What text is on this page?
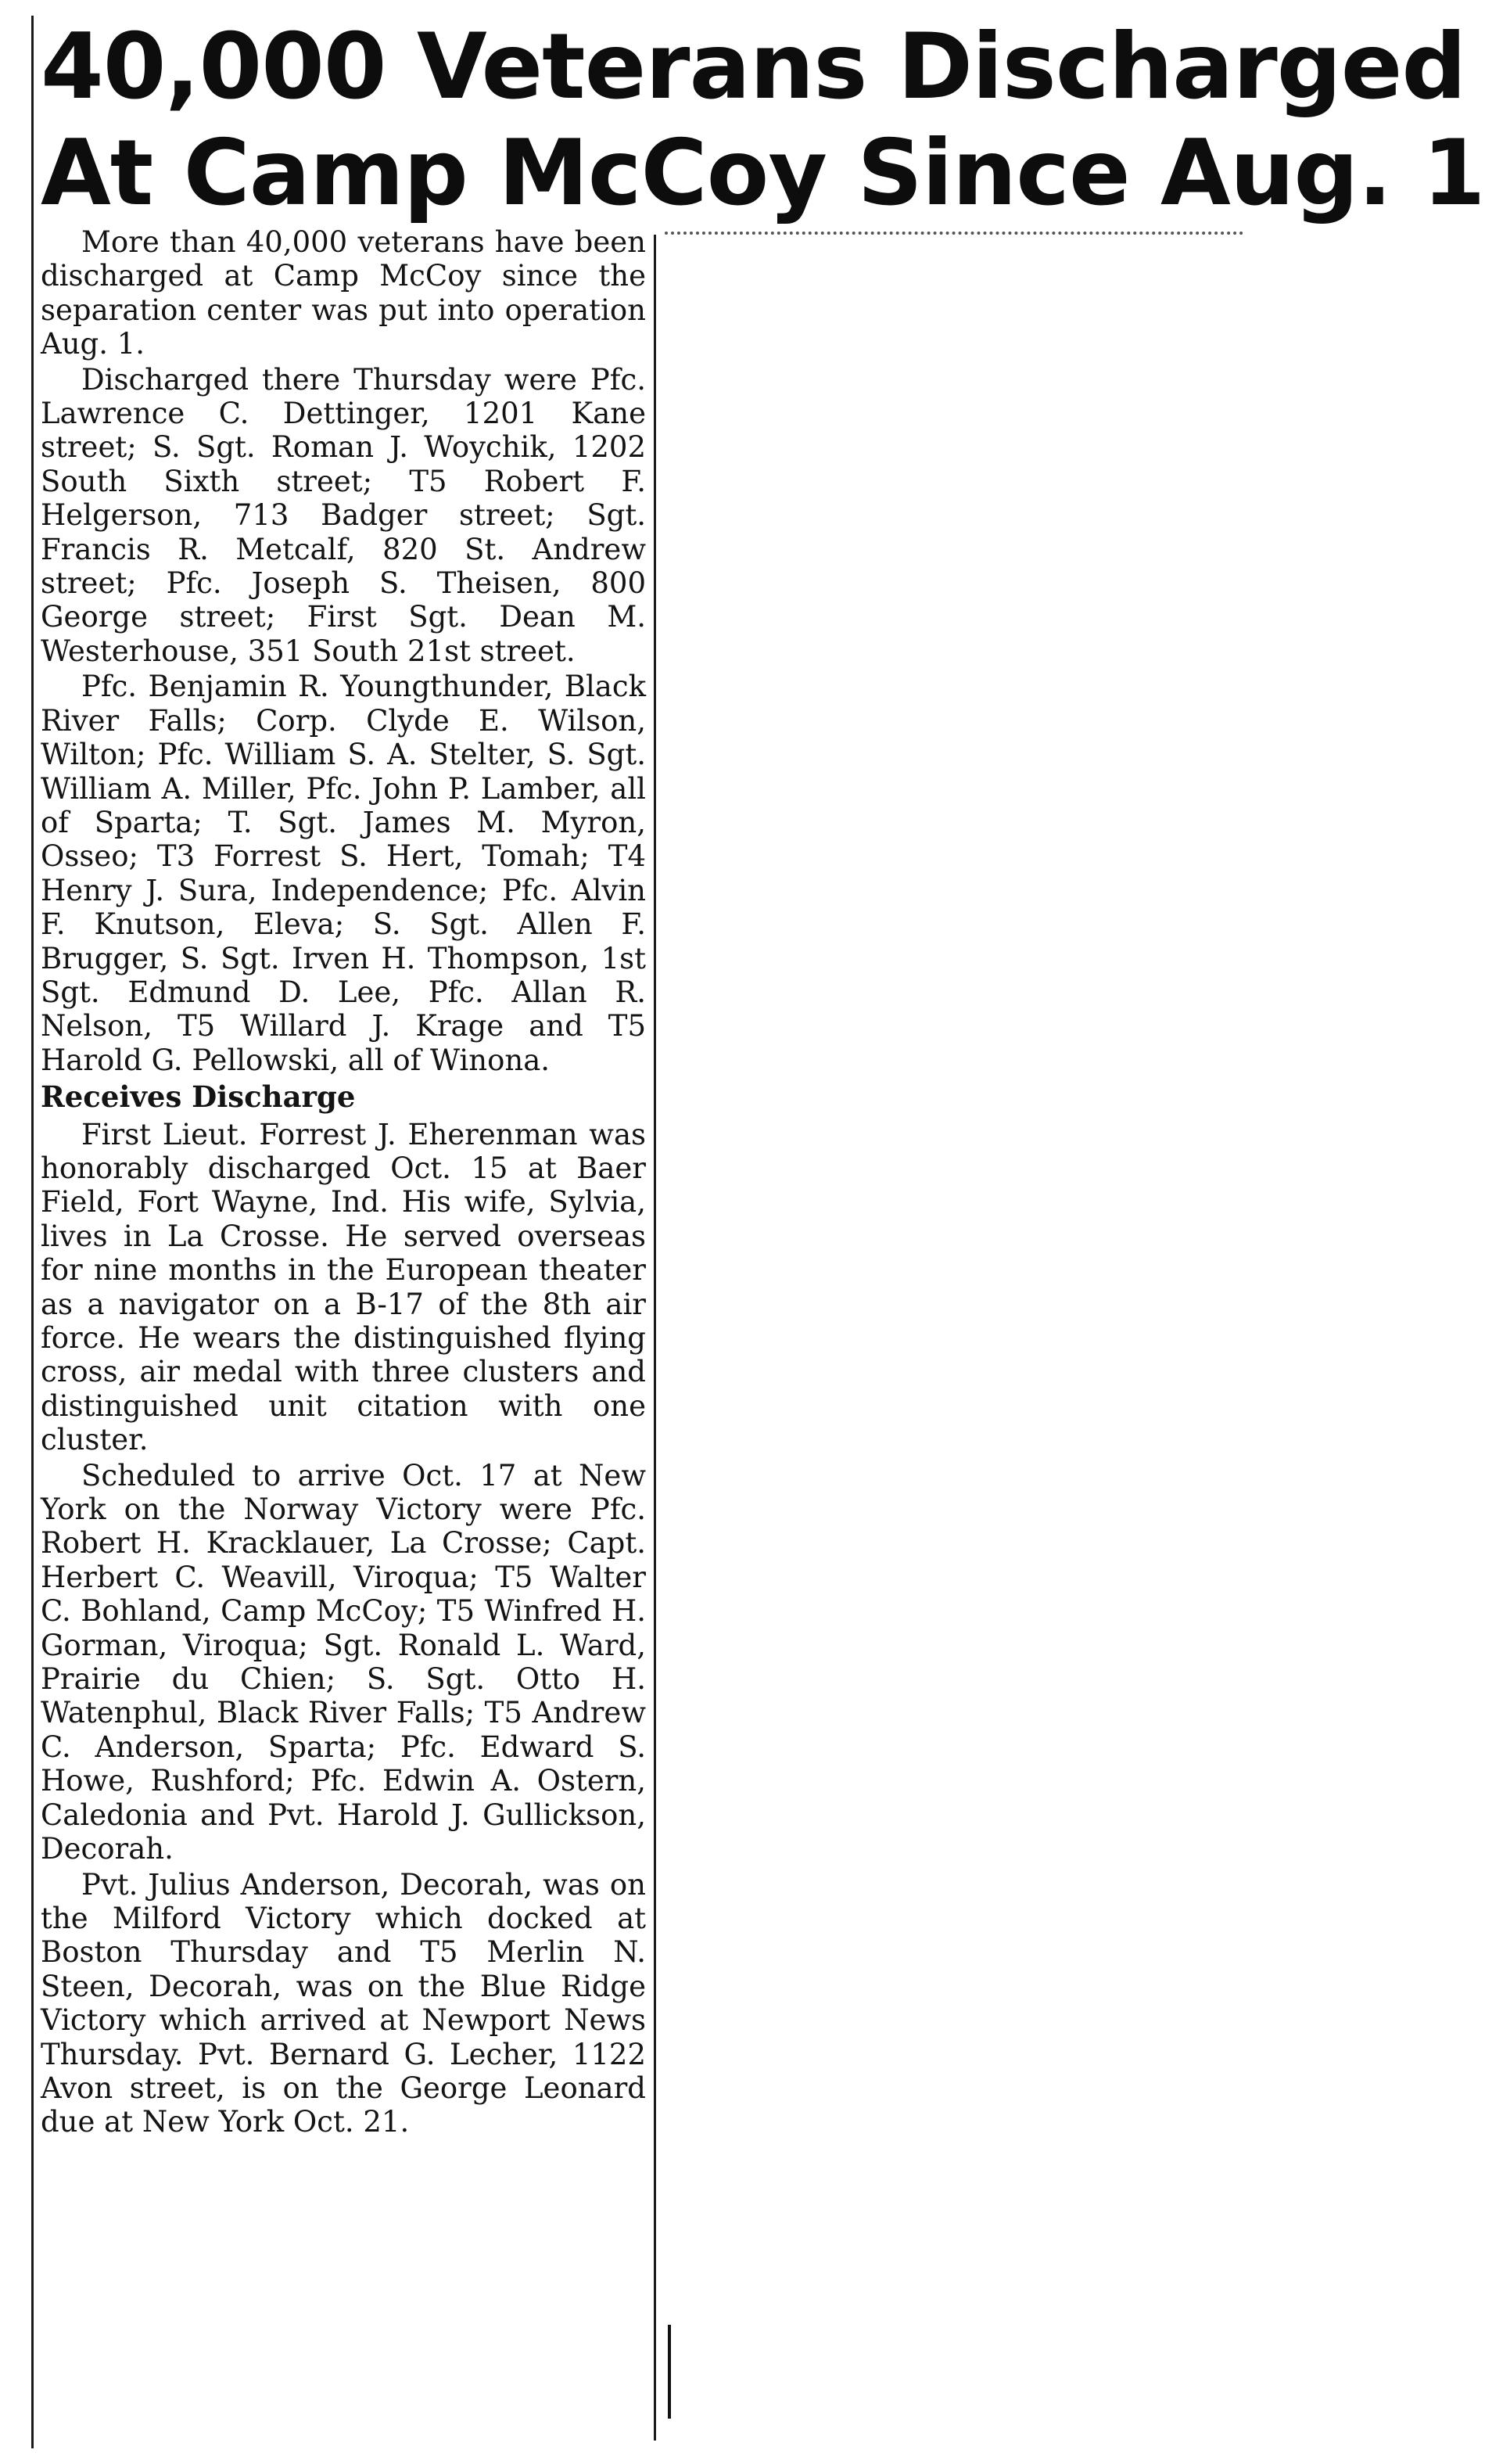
40,000 Veterans Discharged
At Camp McCoy Since Aug. 1

More than 40,000 veterans have been discharged at Camp McCoy since the separation center was put into operation Aug. 1.

Discharged there Thursday were Pfc. Lawrence C. Dettinger, 1201 Kane street; S. Sgt. Roman J. Woychik, 1202 South Sixth street; T5 Robert F. Helgerson, 713 Badger street; Sgt. Francis R. Metcalf, 820 St. Andrew street; Pfc. Joseph S. Theisen, 800 George street; First Sgt. Dean M. Westerhouse, 351 South 21st street.

Pfc. Benjamin R. Youngthunder, Black River Falls; Corp. Clyde E. Wilson, Wilton; Pfc. William S. A. Stelter, S. Sgt. William A. Miller, Pfc. John P. Lamber, all of Sparta; T. Sgt. James M. Myron, Osseo; T3 Forrest S. Hert, Tomah; T4 Henry J. Sura, Independence; Pfc. Alvin F. Knutson, Eleva; S. Sgt. Allen F. Brugger, S. Sgt. Irven H. Thompson, 1st Sgt. Edmund D. Lee, Pfc. Allan R. Nelson, T5 Willard J. Krage and T5 Harold G. Pellowski, all of Winona.

Receives Discharge

First Lieut. Forrest J. Eherenman was honorably discharged Oct. 15 at Baer Field, Fort Wayne, Ind. His wife, Sylvia, lives in La Crosse. He served overseas for nine months in the European theater as a navigator on a B-17 of the 8th air force. He wears the distinguished flying cross, air medal with three clusters and distinguished unit citation with one cluster.

Scheduled to arrive Oct. 17 at New York on the Norway Victory were Pfc. Robert H. Kracklauer, La Crosse; Capt. Herbert C. Weavill, Viroqua; T5 Walter C. Bohland, Camp McCoy; T5 Winfred H. Gorman, Viroqua; Sgt. Ronald L. Ward, Prairie du Chien; S. Sgt. Otto H. Watenphul, Black River Falls; T5 Andrew C. Anderson, Sparta; Pfc. Edward S. Howe, Rushford; Pfc. Edwin A. Ostern, Caledonia and Pvt. Harold J. Gullickson, Decorah.

Pvt. Julius Anderson, Decorah, was on the Milford Victory which docked at Boston Thursday and T5 Merlin N. Steen, Decorah, was on the Blue Ridge Victory which arrived at Newport News Thursday. Pvt. Bernard G. Lecher, 1122 Avon street, is on the George Leonard due at New York Oct. 21.
